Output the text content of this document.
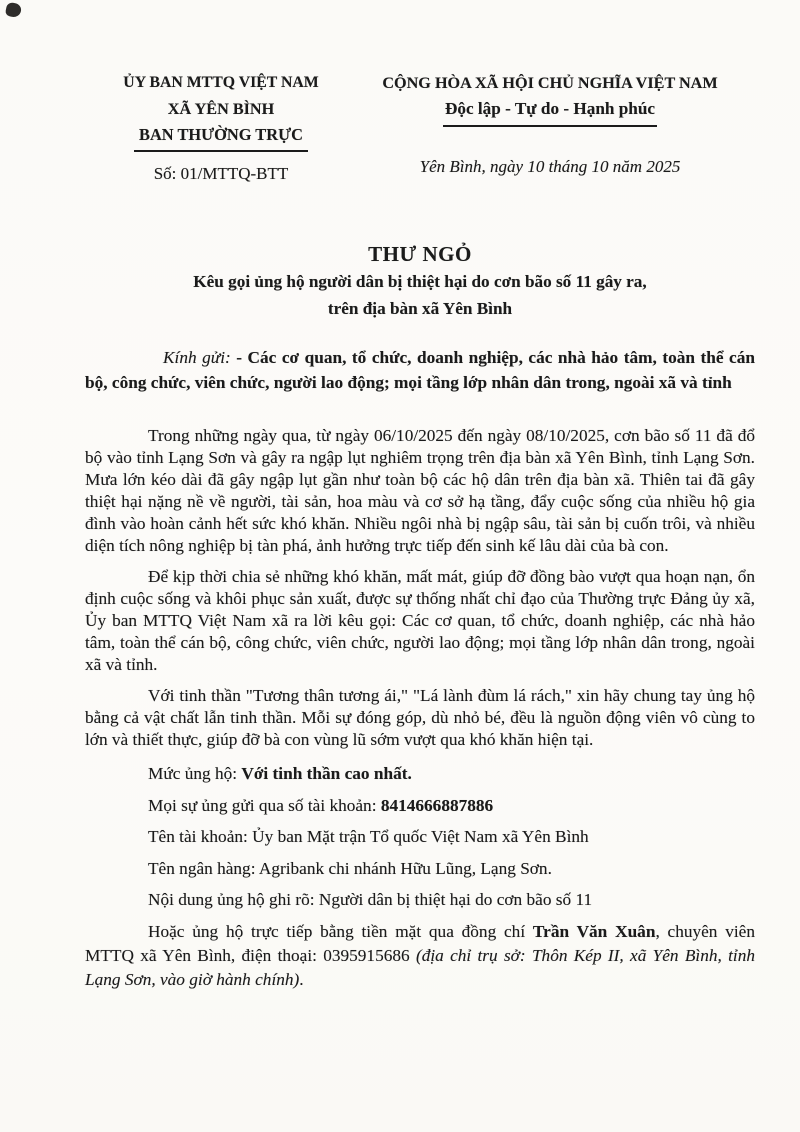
ỦY BAN MTTQ VIỆT NAM
XÃ YÊN BÌNH
BAN THƯỜNG TRỰC
Số: 01/MTTQ-BTT
CỘNG HÒA XÃ HỘI CHỦ NGHĨA VIỆT NAM
Độc lập - Tự do - Hạnh phúc
Yên Bình, ngày 10 tháng 10 năm 2025
THƯ NGỎ
Kêu gọi ủng hộ người dân bị thiệt hại do cơn bão số 11 gây ra,
trên địa bàn xã Yên Bình

Kính gửi: - Các cơ quan, tổ chức, doanh nghiệp, các nhà hảo tâm, toàn thể cán bộ, công chức, viên chức, người lao động; mọi tầng lớp nhân dân trong, ngoài xã và tỉnh

Trong những ngày qua, từ ngày 06/10/2025 đến ngày 08/10/2025, cơn bão số 11 đã đổ bộ vào tỉnh Lạng Sơn và gây ra ngập lụt nghiêm trọng trên địa bàn xã Yên Bình, tỉnh Lạng Sơn. Mưa lớn kéo dài đã gây ngập lụt gần như toàn bộ các hộ dân trên địa bàn xã. Thiên tai đã gây thiệt hại nặng nề về người, tài sản, hoa màu và cơ sở hạ tầng, đẩy cuộc sống của nhiều hộ gia đình vào hoàn cảnh hết sức khó khăn. Nhiều ngôi nhà bị ngập sâu, tài sản bị cuốn trôi, và nhiều diện tích nông nghiệp bị tàn phá, ảnh hưởng trực tiếp đến sinh kế lâu dài của bà con.

Để kịp thời chia sẻ những khó khăn, mất mát, giúp đỡ đồng bào vượt qua hoạn nạn, ổn định cuộc sống và khôi phục sản xuất, được sự thống nhất chỉ đạo của Thường trực Đảng ủy xã, Ủy ban MTTQ Việt Nam xã ra lời kêu gọi: Các cơ quan, tổ chức, doanh nghiệp, các nhà hảo tâm, toàn thể cán bộ, công chức, viên chức, người lao động; mọi tầng lớp nhân dân trong, ngoài xã và tỉnh.

Với tinh thần "Tương thân tương ái," "Lá lành đùm lá rách," xin hãy chung tay ủng hộ bằng cả vật chất lẫn tinh thần. Mỗi sự đóng góp, dù nhỏ bé, đều là nguồn động viên vô cùng to lớn và thiết thực, giúp đỡ bà con vùng lũ sớm vượt qua khó khăn hiện tại.

Mức ủng hộ: Với tinh thần cao nhất.

Mọi sự ủng gửi qua số tài khoản: 8414666887886

Tên tài khoản: Ủy ban Mặt trận Tổ quốc Việt Nam xã Yên Bình

Tên ngân hàng: Agribank chi nhánh Hữu Lũng, Lạng Sơn.

Nội dung ủng hộ ghi rõ: Người dân bị thiệt hại do cơn bão số 11

Hoặc ủng hộ trực tiếp bằng tiền mặt qua đồng chí Trần Văn Xuân, chuyên viên MTTQ xã Yên Bình, điện thoại: 0395915686 (địa chỉ trụ sở: Thôn Kép II, xã Yên Bình, tỉnh Lạng Sơn, vào giờ hành chính).
